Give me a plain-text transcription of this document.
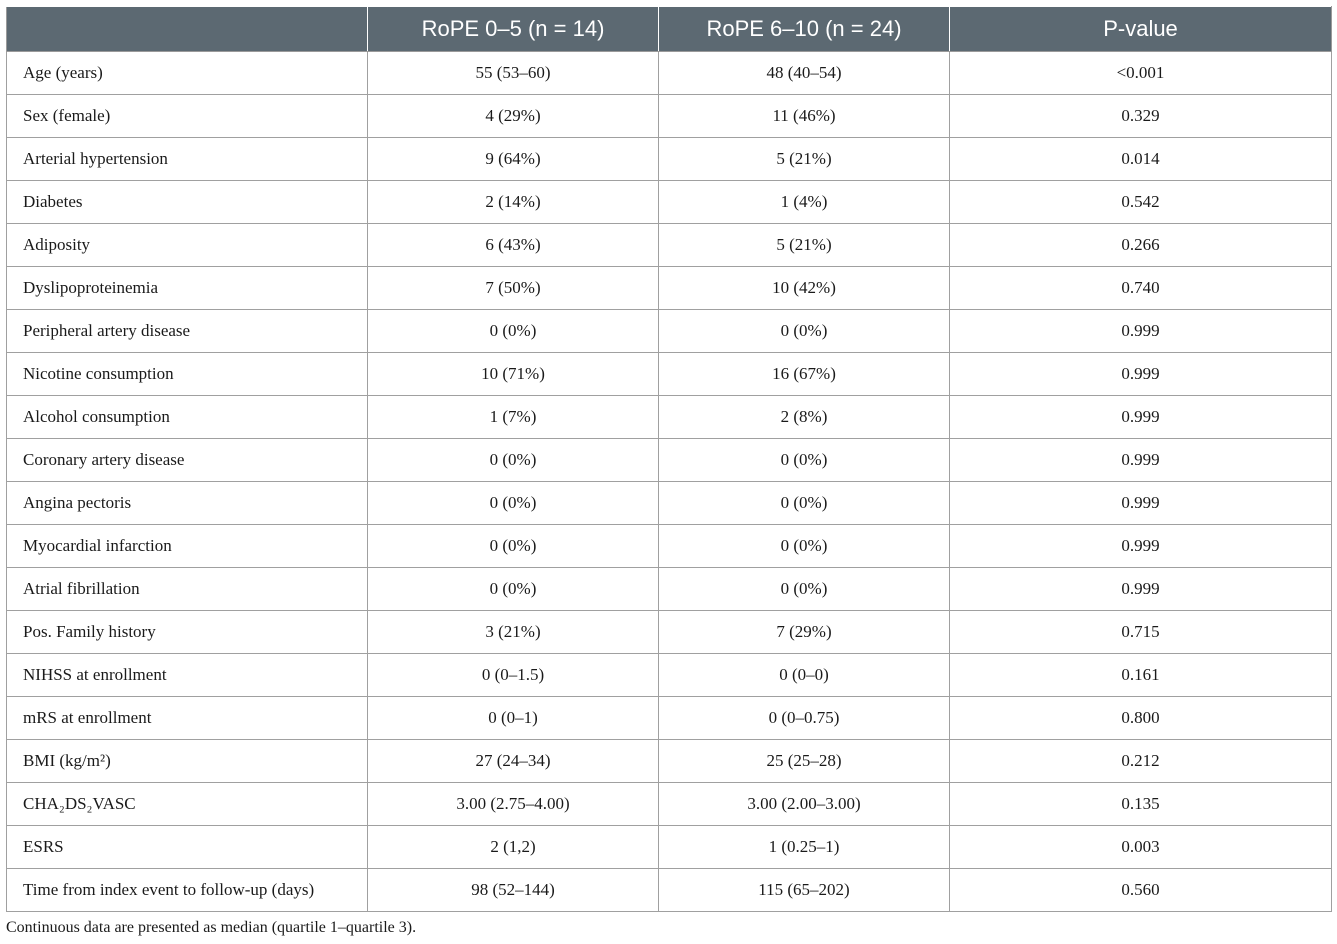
	RoPE 0–5 (n = 14)	RoPE 6–10 (n = 24)	P-value
Age (years)	55 (53–60)	48 (40–54)	<0.001
Sex (female)	4 (29%)	11 (46%)	0.329
Arterial hypertension	9 (64%)	5 (21%)	0.014
Diabetes	2 (14%)	1 (4%)	0.542
Adiposity	6 (43%)	5 (21%)	0.266
Dyslipoproteinemia	7 (50%)	10 (42%)	0.740
Peripheral artery disease	0 (0%)	0 (0%)	0.999
Nicotine consumption	10 (71%)	16 (67%)	0.999
Alcohol consumption	1 (7%)	2 (8%)	0.999
Coronary artery disease	0 (0%)	0 (0%)	0.999
Angina pectoris	0 (0%)	0 (0%)	0.999
Myocardial infarction	0 (0%)	0 (0%)	0.999
Atrial fibrillation	0 (0%)	0 (0%)	0.999
Pos. Family history	3 (21%)	7 (29%)	0.715
NIHSS at enrollment	0 (0–1.5)	0 (0–0)	0.161
mRS at enrollment	0 (0–1)	0 (0–0.75)	0.800
BMI (kg/m²)	27 (24–34)	25 (25–28)	0.212
CHA₂DS₂VASC	3.00 (2.75–4.00)	3.00 (2.00–3.00)	0.135
ESRS	2 (1,2)	1 (0.25–1)	0.003
Time from index event to follow-up (days)	98 (52–144)	115 (65–202)	0.560
Continuous data are presented as median (quartile 1–quartile 3).
